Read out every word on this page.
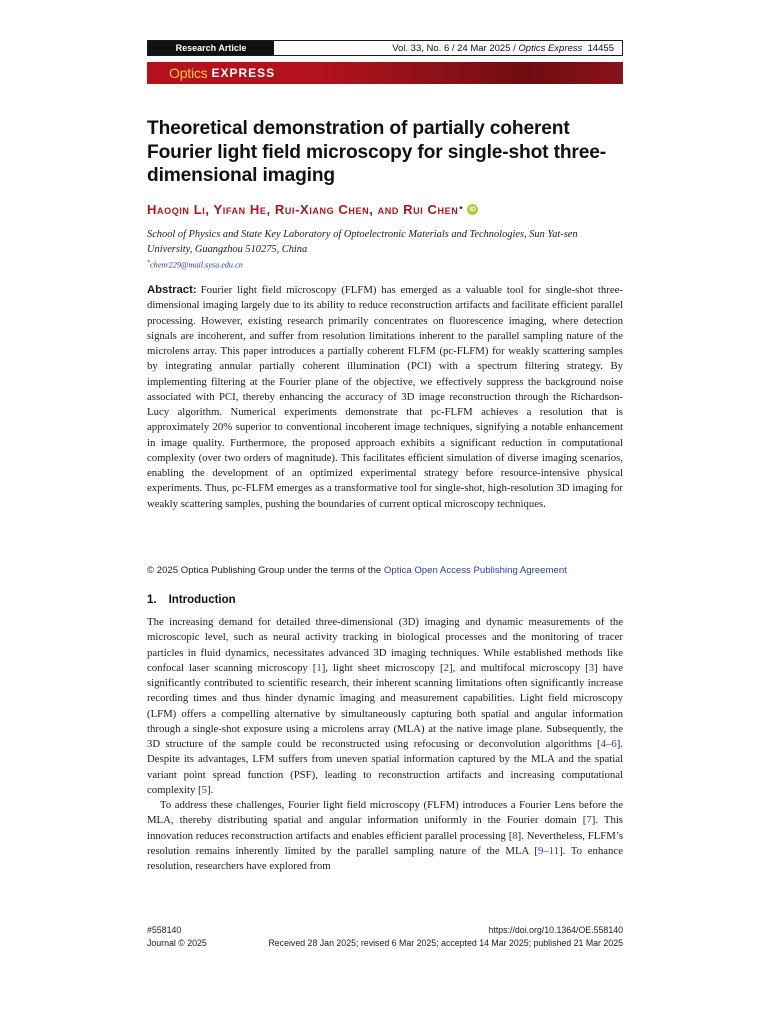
Research Article	Vol. 33, No. 6 / 24 Mar 2025 / Optics Express 14455
Optics EXPRESS
Theoretical demonstration of partially coherent Fourier light field microscopy for single-shot three-dimensional imaging
Haoqin Li, Yifan He, Rui-Xiang Chen, and Rui Chen * iD
School of Physics and State Key Laboratory of Optoelectronic Materials and Technologies, Sun Yat-sen University, Guangzhou 510275, China
*chenr229@mail.sysu.edu.cn
Abstract: Fourier light field microscopy (FLFM) has emerged as a valuable tool for single-shot three-dimensional imaging largely due to its ability to reduce reconstruction artifacts and facilitate efficient parallel processing. However, existing research primarily concentrates on fluorescence imaging, where detection signals are incoherent, and suffer from resolution limitations inherent to the parallel sampling nature of the microlens array. This paper introduces a partially coherent FLFM (pc-FLFM) for weakly scattering samples by integrating annular partially coherent illumination (PCI) with a spectrum filtering strategy. By implementing filtering at the Fourier plane of the objective, we effectively suppress the background noise associated with PCI, thereby enhancing the accuracy of 3D image reconstruction through the Richardson-Lucy algorithm. Numerical experiments demonstrate that pc-FLFM achieves a resolution that is approximately 20% superior to conventional incoherent image techniques, signifying a notable enhancement in image quality. Furthermore, the proposed approach exhibits a significant reduction in computational complexity (over two orders of magnitude). This facilitates efficient simulation of diverse imaging scenarios, enabling the development of an optimized experimental strategy before resource-intensive physical experiments. Thus, pc-FLFM emerges as a transformative tool for single-shot, high-resolution 3D imaging for weakly scattering samples, pushing the boundaries of current optical microscopy techniques.
© 2025 Optica Publishing Group under the terms of the Optica Open Access Publishing Agreement
1. Introduction

The increasing demand for detailed three-dimensional (3D) imaging and dynamic measurements of the microscopic level, such as neural activity tracking in biological processes and the monitoring of tracer particles in fluid dynamics, necessitates advanced 3D imaging techniques. While established methods like confocal laser scanning microscopy [1], light sheet microscopy [2], and multifocal microscopy [3] have significantly contributed to scientific research, their inherent scanning limitations often significantly increase recording times and thus hinder dynamic imaging and measurement capabilities. Light field microscopy (LFM) offers a compelling alternative by simultaneously capturing both spatial and angular information through a single-shot exposure using a microlens array (MLA) at the native image plane. Subsequently, the 3D structure of the sample could be reconstructed using refocusing or deconvolution algorithms [4–6]. Despite its advantages, LFM suffers from uneven spatial information captured by the MLA and the spatial variant point spread function (PSF), leading to reconstruction artifacts and increasing computational complexity [5].

To address these challenges, Fourier light field microscopy (FLFM) introduces a Fourier Lens before the MLA, thereby distributing spatial and angular information uniformly in the Fourier domain [7]. This innovation reduces reconstruction artifacts and enables efficient parallel processing [8]. Nevertheless, FLFM’s resolution remains inherently limited by the parallel sampling nature of the MLA [9–11]. To enhance resolution, researchers have explored from

#558140	https://doi.org/10.1364/OE.558140
Journal © 2025	Received 28 Jan 2025; revised 6 Mar 2025; accepted 14 Mar 2025; published 21 Mar 2025
